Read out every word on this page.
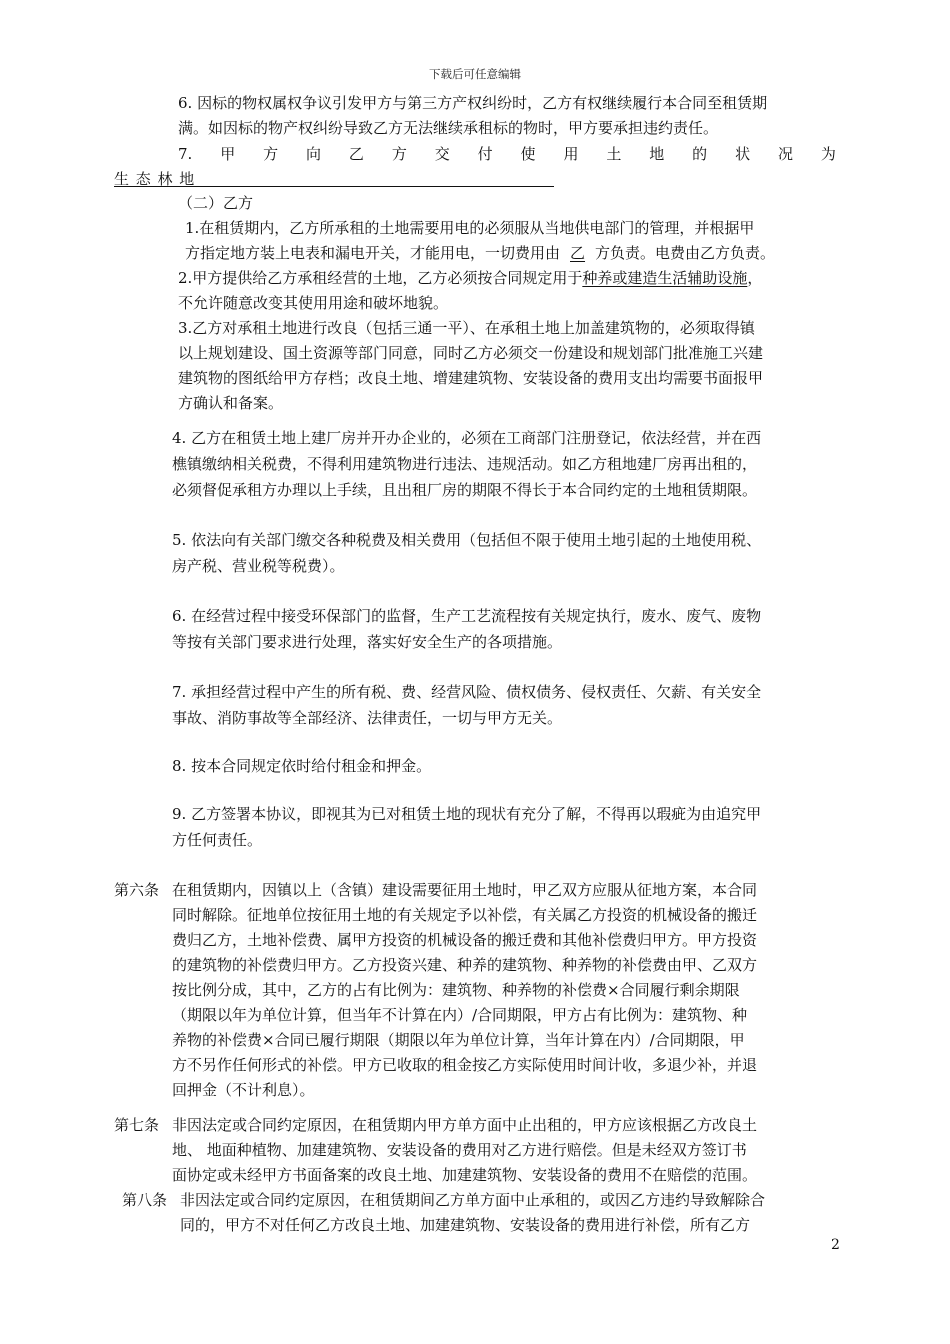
下载后可任意编辑
6. 因标的物权属权争议引发甲方与第三方产权纠纷时，乙方有权继续履行本合同至租赁期
满。如因标的物产权纠纷导致乙方无法继续承租标的物时，甲方要承担违约责任。
7. 甲 方 向 乙 方 交 付 使 用 土 地 的 状 况 为
生 态 林 地
（二）乙方
1.在租赁期内，乙方所承租的土地需要用电的必须服从当地供电部门的管理，并根据甲
方指定地方装上电表和漏电开关，才能用电，一切费用由 乙 方负责。电费由乙方负责。
2.甲方提供给乙方承租经营的土地，乙方必须按合同规定用于种养或建造生活辅助设施，
不允许随意改变其使用用途和破坏地貌。
3.乙方对承租土地进行改良（包括三通一平）、在承租土地上加盖建筑物的，必须取得镇
以上规划建设、国土资源等部门同意，同时乙方必须交一份建设和规划部门批准施工兴建
建筑物的图纸给甲方存档；改良土地、增建建筑物、安装设备的费用支出均需要书面报甲
方确认和备案。
4. 乙方在租赁土地上建厂房并开办企业的，必须在工商部门注册登记，依法经营，并在西
樵镇缴纳相关税费，不得利用建筑物进行违法、违规活动。如乙方租地建厂房再出租的，
必须督促承租方办理以上手续，且出租厂房的期限不得长于本合同约定的土地租赁期限。
5. 依法向有关部门缴交各种税费及相关费用（包括但不限于使用土地引起的土地使用税、
房产税、营业税等税费）。
6. 在经营过程中接受环保部门的监督，生产工艺流程按有关规定执行，废水、废气、废物
等按有关部门要求进行处理，落实好安全生产的各项措施。
7. 承担经营过程中产生的所有税、费、经营风险、债权债务、侵权责任、欠薪、有关安全
事故、消防事故等全部经济、法律责任，一切与甲方无关。
8. 按本合同规定依时给付租金和押金。
9. 乙方签署本协议，即视其为已对租赁土地的现状有充分了解，不得再以瑕疵为由追究甲
方任何责任。
第六条 在租赁期内，因镇以上（含镇）建设需要征用土地时，甲乙双方应服从征地方案，本合同
同时解除。征地单位按征用土地的有关规定予以补偿，有关属乙方投资的机械设备的搬迁
费归乙方，土地补偿费、属甲方投资的机械设备的搬迁费和其他补偿费归甲方。甲方投资
的建筑物的补偿费归甲方。乙方投资兴建、种养的建筑物、种养物的补偿费由甲、乙双方
按比例分成，其中，乙方的占有比例为：建筑物、种养物的补偿费×合同履行剩余期限
（期限以年为单位计算，但当年不计算在内）/合同期限，甲方占有比例为：建筑物、种
养物的补偿费×合同已履行期限（期限以年为单位计算，当年计算在内）/合同期限，甲
方不另作任何形式的补偿。甲方已收取的租金按乙方实际使用时间计收，多退少补，并退
回押金（不计利息）。
第七条 非因法定或合同约定原因，在租赁期内甲方单方面中止出租的，甲方应该根据乙方改良土
地、 地面种植物、加建建筑物、安装设备的费用对乙方进行赔偿。但是未经双方签订书
面协定或未经甲方书面备案的改良土地、加建建筑物、安装设备的费用不在赔偿的范围。
第八条 非因法定或合同约定原因，在租赁期间乙方单方面中止承租的，或因乙方违约导致解除合
同的，甲方不对任何乙方改良土地、加建建筑物、安装设备的费用进行补偿，所有乙方
2
